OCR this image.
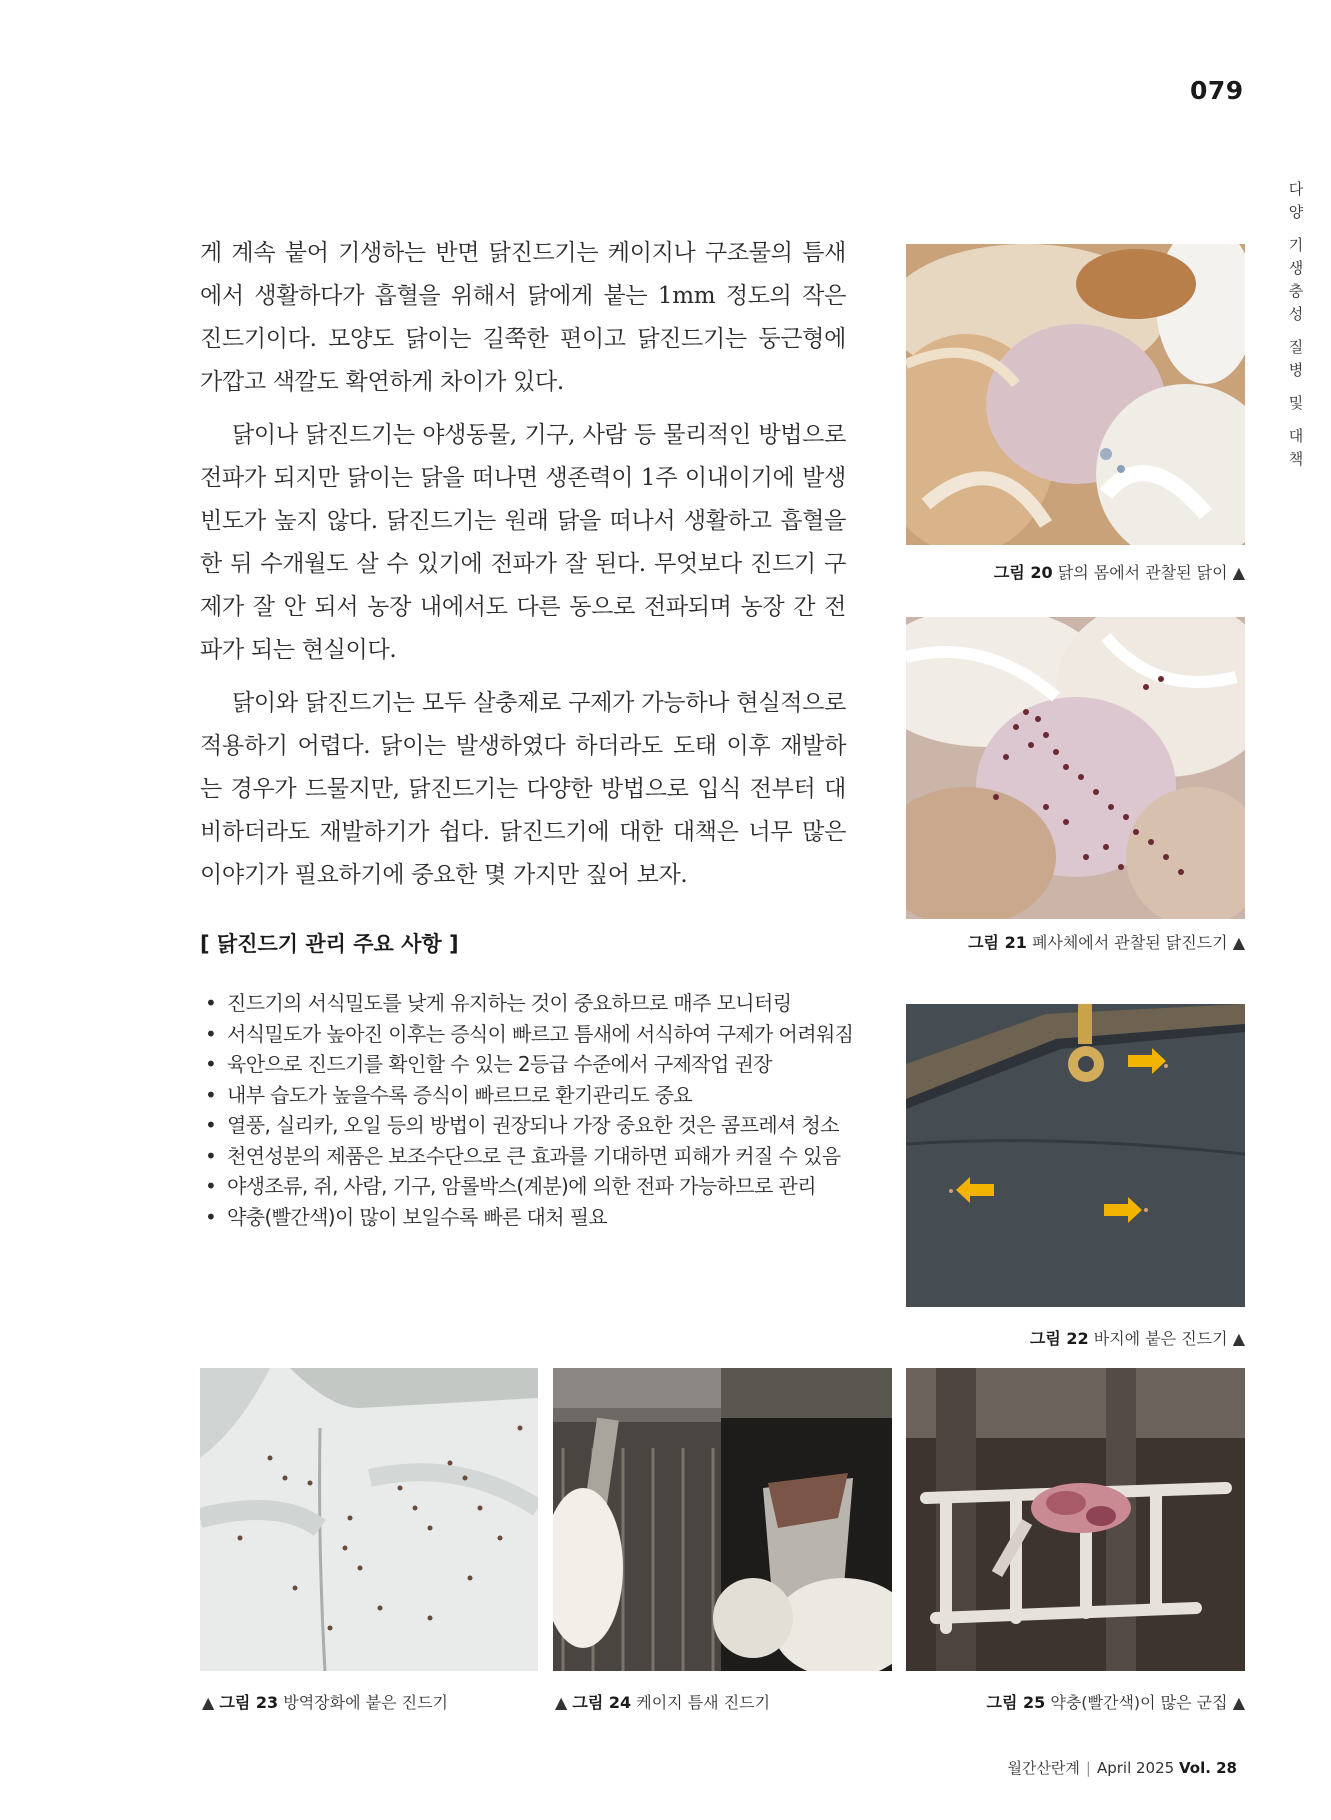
079
다
양
기
생
충
성
질
병
및
대
책

게 계속 붙어 기생하는 반면 닭진드기는 케이지나 구조물의 틈새에서 생활하다가 흡혈을 위해서 닭에게 붙는 1mm 정도의 작은 진드기이다. 모양도 닭이는 길쭉한 편이고 닭진드기는 둥근형에 가깝고 색깔도 확연하게 차이가 있다.

닭이나 닭진드기는 야생동물, 기구, 사람 등 물리적인 방법으로 전파가 되지만 닭이는 닭을 떠나면 생존력이 1주 이내이기에 발생 빈도가 높지 않다. 닭진드기는 원래 닭을 떠나서 생활하고 흡혈을 한 뒤 수개월도 살 수 있기에 전파가 잘 된다. 무엇보다 진드기 구제가 잘 안 되서 농장 내에서도 다른 동으로 전파되며 농장 간 전파가 되는 현실이다.

닭이와 닭진드기는 모두 살충제로 구제가 가능하나 현실적으로 적용하기 어렵다. 닭이는 발생하였다 하더라도 도태 이후 재발하는 경우가 드물지만, 닭진드기는 다양한 방법으로 입식 전부터 대비하더라도 재발하기가 쉽다. 닭진드기에 대한 대책은 너무 많은 이야기가 필요하기에 중요한 몇 가지만 짚어 보자.

[ 닭진드기 관리 주요 사항 ]
• 진드기의 서식밀도를 낮게 유지하는 것이 중요하므로 매주 모니터링
• 서식밀도가 높아진 이후는 증식이 빠르고 틈새에 서식하여 구제가 어려워짐
• 육안으로 진드기를 확인할 수 있는 2등급 수준에서 구제작업 권장
• 내부 습도가 높을수록 증식이 빠르므로 환기관리도 중요
• 열풍, 실리카, 오일 등의 방법이 권장되나 가장 중요한 것은 콤프레셔 청소
• 천연성분의 제품은 보조수단으로 큰 효과를 기대하면 피해가 커질 수 있음
• 야생조류, 쥐, 사람, 기구, 암롤박스(계분)에 의한 전파 가능하므로 관리
• 약충(빨간색)이 많이 보일수록 빠른 대처 필요
그림 20 닭의 몸에서 관찰된 닭이 ▲
그림 21 폐사체에서 관찰된 닭진드기 ▲
그림 22 바지에 붙은 진드기 ▲
▲ 그림 23 방역장화에 붙은 진드기	▲ 그림 24 케이지 틈새 진드기	그림 25 약충(빨간색)이 많은 군집 ▲
월간산란계 | April 2025 Vol. 28
